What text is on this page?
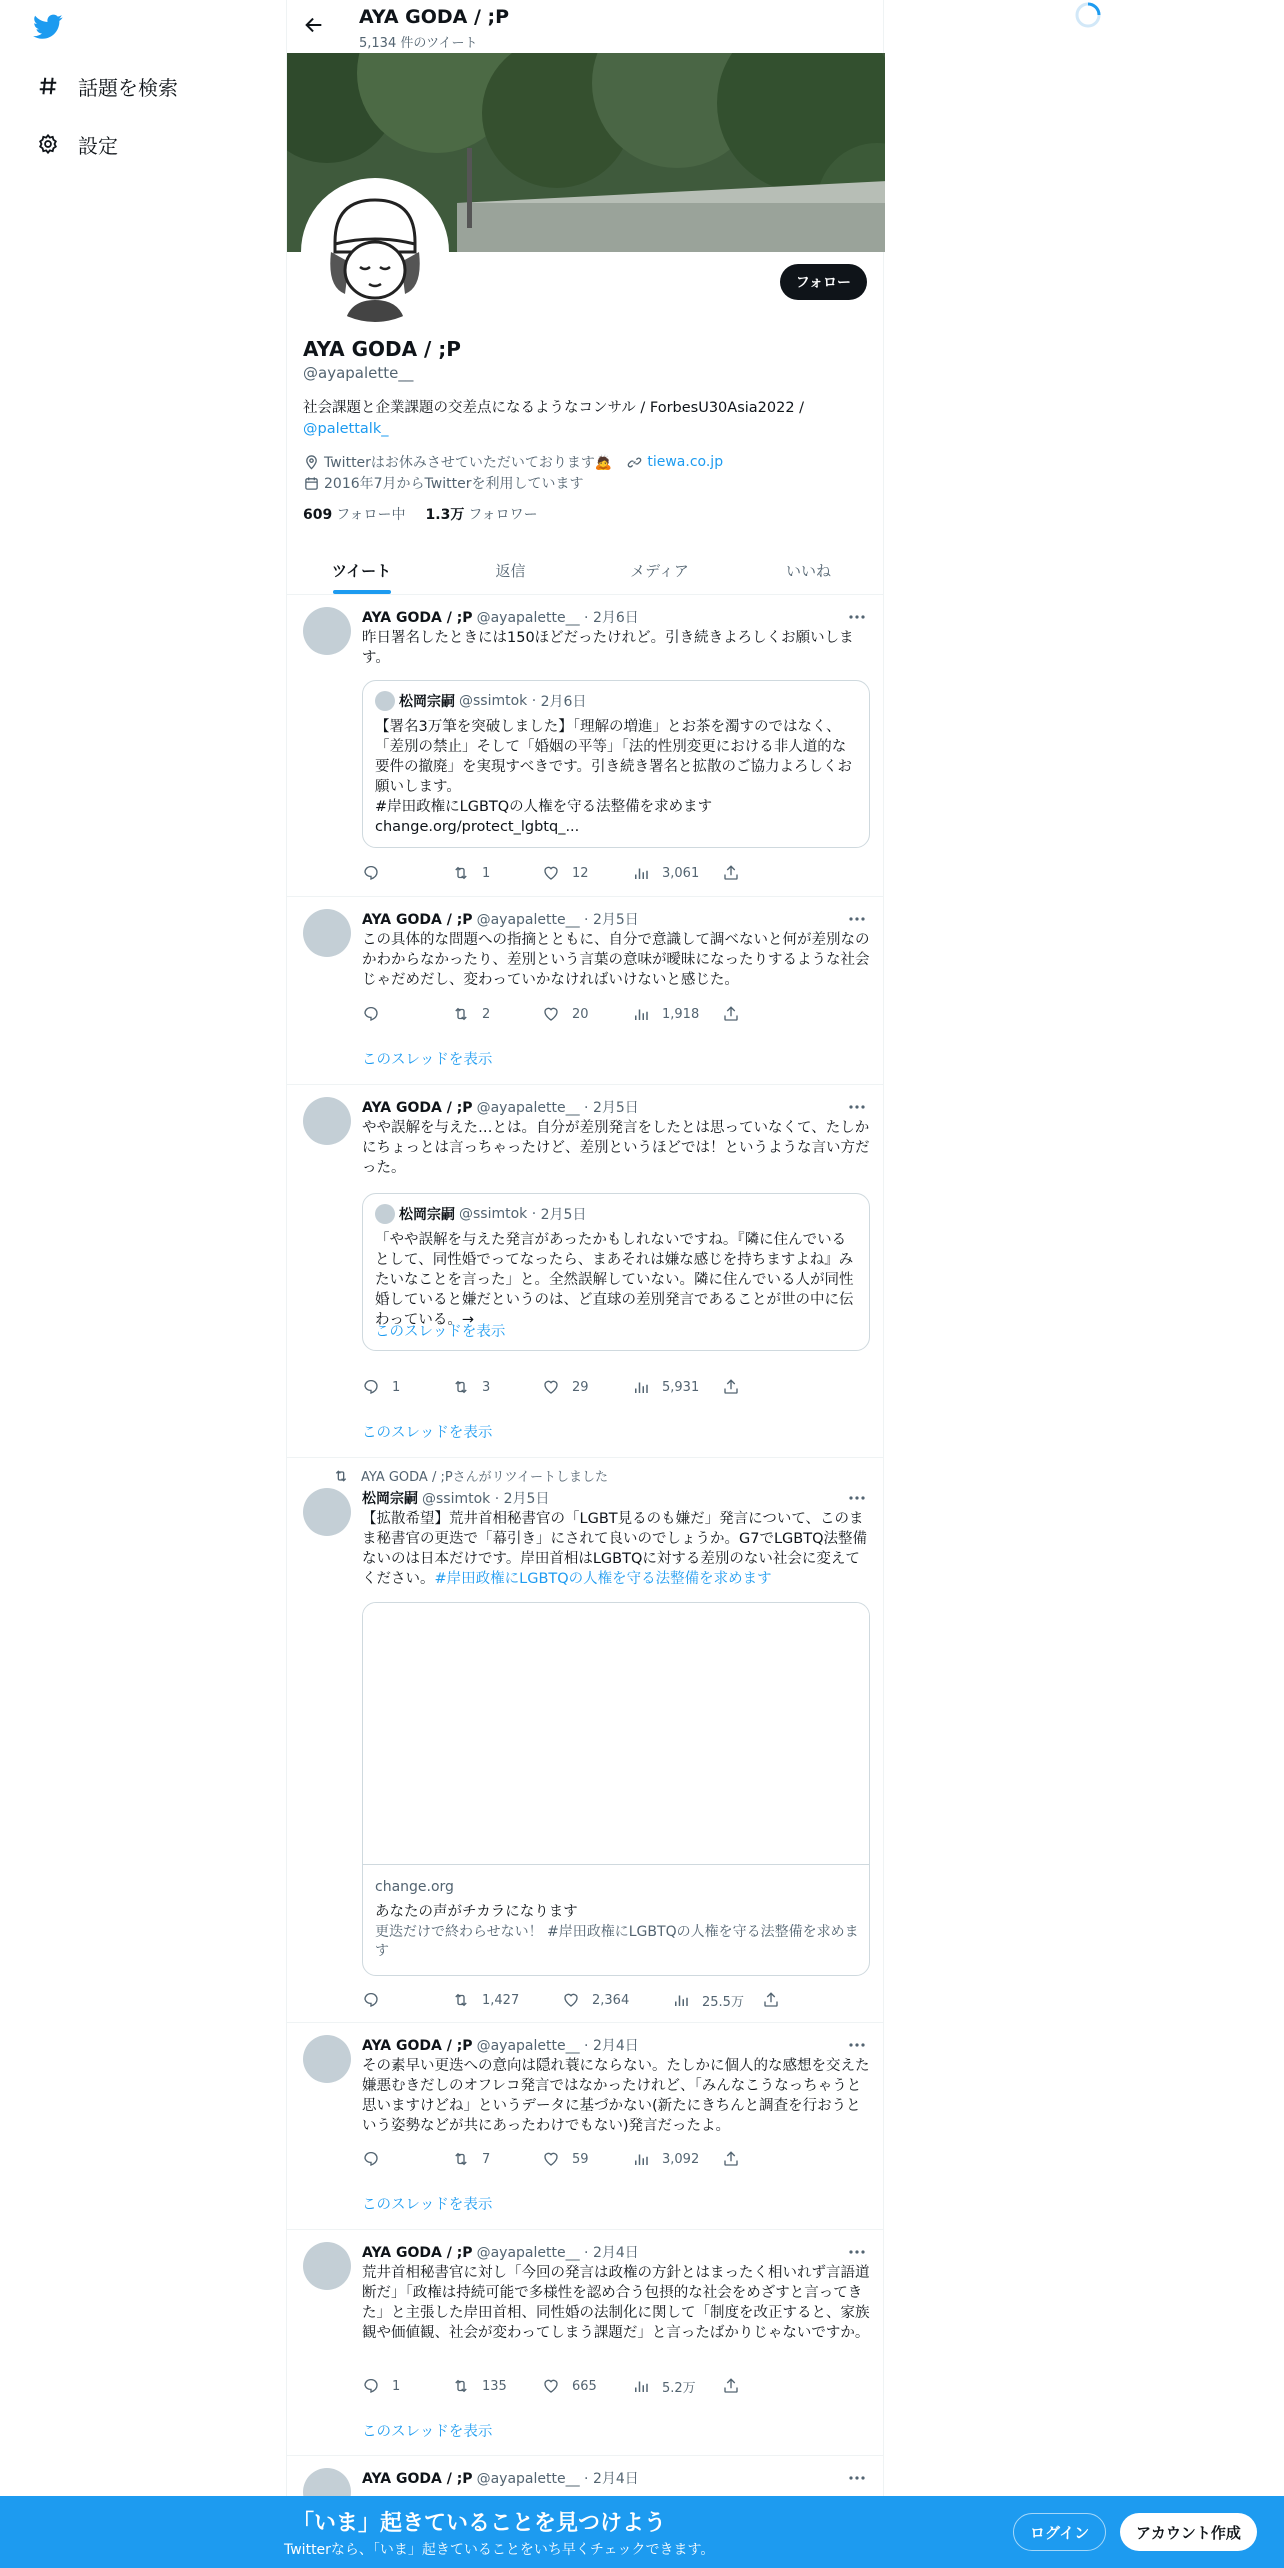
話題を検索
設定
AYA GODA / ;P
5,134 件のツイート
フォロー
AYA GODA / ;P
@ayapalette__
社会課題と企業課題の交差点になるようなコンサル / ForbesU30Asia2022 /
@palettalk_
Twitterはお休みさせていただいております🙇	tiewa.co.jp
2016年7月からTwitterを利用しています
609 フォロー中 1.3万 フォロワー
ツイート	返信	メディア	いいね
AYA GODA / ;P @ayapalette__ · 2月6日
昨日署名したときには150ほどだったけれど。引き続きよろしくお願いします。
松岡宗嗣 @ssimtok · 2月6日
【署名3万筆を突破しました】「理解の増進」とお茶を濁すのではなく、「差別の禁止」そして「婚姻の平等」「法的性別変更における非人道的な要件の撤廃」を実現すべきです。引き続き署名と拡散のご協力よろしくお願いします。
#岸田政権にLGBTQの人権を守る法整備を求めます
change.org/protect_lgbtq_...
1	12	3,061
AYA GODA / ;P @ayapalette__ · 2月5日
この具体的な問題への指摘とともに、自分で意識して調べないと何が差別なのかわからなかったり、差別という言葉の意味が曖昧になったりするような社会じゃだめだし、変わっていかなければいけないと感じた。
2	20	1,918
このスレッドを表示
AYA GODA / ;P @ayapalette__ · 2月5日
やや誤解を与えた…とは。自分が差別発言をしたとは思っていなくて、たしかにちょっとは言っちゃったけど、差別というほどでは！というような言い方だった。
松岡宗嗣 @ssimtok · 2月5日
「やや誤解を与えた発言があったかもしれないですね。『隣に住んでいるとして、同性婚でってなったら、まあそれは嫌な感じを持ちますよね』みたいなことを言った」と。全然誤解していない。隣に住んでいる人が同性婚していると嫌だというのは、ど直球の差別発言であることが世の中に伝わっている。→
このスレッドを表示
1	3	29	5,931
このスレッドを表示
AYA GODA / ;Pさんがリツイートしました
松岡宗嗣 @ssimtok · 2月5日
【拡散希望】荒井首相秘書官の「LGBT見るのも嫌だ」発言について、このまま秘書官の更迭で「幕引き」にされて良いのでしょうか。G7でLGBTQ法整備ないのは日本だけです。岸田首相はLGBTQに対する差別のない社会に変えてください。#岸田政権にLGBTQの人権を守る法整備を求めます
change.org
あなたの声がチカラになります
更迭だけで終わらせない！ #岸田政権にLGBTQの人権を守る法整備を求めます
1,427	2,364	25.5万
AYA GODA / ;P @ayapalette__ · 2月4日
その素早い更迭への意向は隠れ蓑にならない。たしかに個人的な感想を交えた嫌悪むきだしのオフレコ発言ではなかったけれど、「みんなこうなっちゃうと思いますけどね」というデータに基づかない(新たにきちんと調査を行おうという姿勢などが共にあったわけでもない)発言だったよ。
7	59	3,092
このスレッドを表示
AYA GODA / ;P @ayapalette__ · 2月4日
荒井首相秘書官に対し「今回の発言は政権の方針とはまったく相いれず言語道断だ」「政権は持続可能で多様性を認め合う包摂的な社会をめざすと言ってきた」と主張した岸田首相、同性婚の法制化に関して「制度を改正すると、家族観や価値観、社会が変わってしまう課題だ」と言ったばかりじゃないですか。
1	135	665	5.2万
このスレッドを表示
AYA GODA / ;P @ayapalette__ · 2月4日
「いま」起きていることを見つけよう
Twitterなら、「いま」起きていることをいち早くチェックできます。
ログイン	アカウント作成
